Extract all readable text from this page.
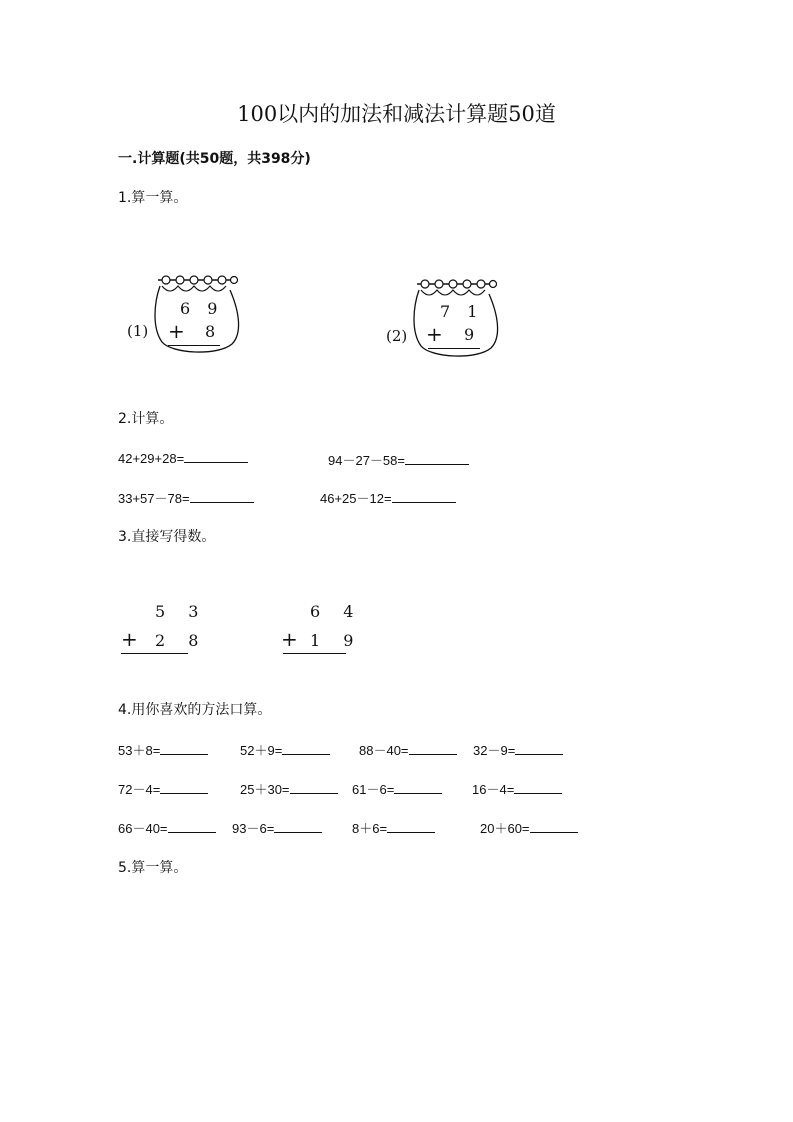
100以内的加法和减法计算题50道
一.计算题(共50题，共398分)
1.算一算。
(1)
6 9
+ 8	(2)
7 1
+ 9
2.计算。
42+29+28=	94－27－58=
33+57－78=	46+25－12=
3.直接写得数。
5 3
+ 2 8
6 4
+ 1 9
4.用你喜欢的方法口算。
53＋8=	52＋9=	88－40=	32－9=
72－4=	25＋30=	61－6=	16－4=
66－40=	93－6=	8＋6=	20＋60=
5.算一算。
